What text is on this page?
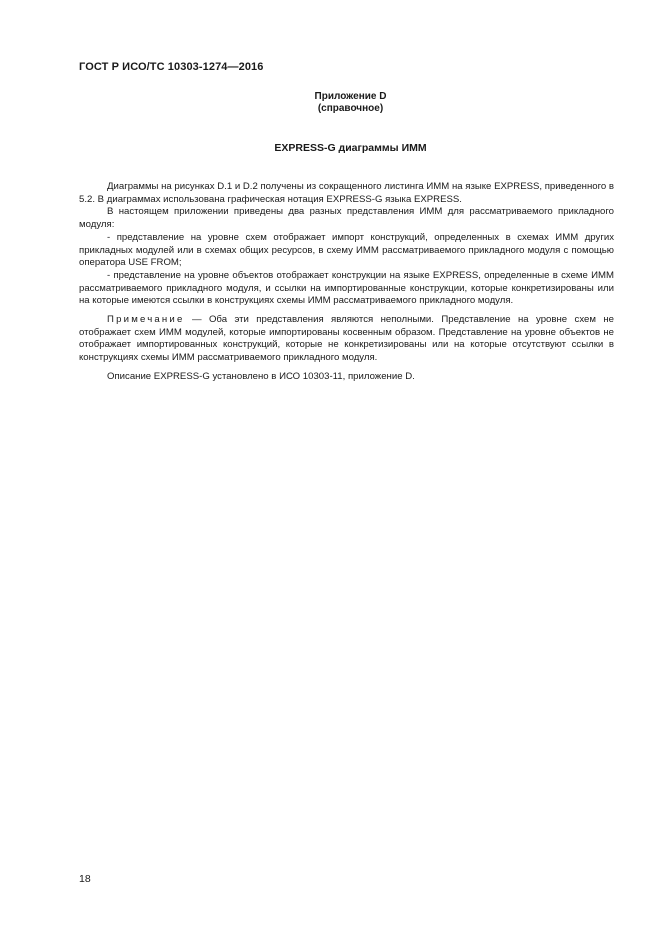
ГОСТ Р ИСО/ТС 10303-1274—2016
Приложение D
(справочное)
EXPRESS-G диаграммы ИММ

Диаграммы на рисунках D.1 и D.2 получены из сокращенного листинга ИММ на языке EXPRESS, приведенного в 5.2. В диаграммах использована графическая нотация EXPRESS-G языка EXPRESS.

В настоящем приложении приведены два разных представления ИММ для рассматриваемого прикладного модуля:

- представление на уровне схем отображает импорт конструкций, определенных в схемах ИММ других прикладных модулей или в схемах общих ресурсов, в схему ИММ рассматриваемого прикладного модуля с помощью оператора USE FROM;

- представление на уровне объектов отображает конструкции на языке EXPRESS, определенные в схеме ИММ рассматриваемого прикладного модуля, и ссылки на импортированные конструкции, которые конкретизированы или на которые имеются ссылки в конструкциях схемы ИММ рассматриваемого прикладного модуля.

Примечание — Оба эти представления являются неполными. Представление на уровне схем не отображает схем ИММ модулей, которые импортированы косвенным образом. Представление на уровне объектов не отображает импортированных конструкций, которые не конкретизированы или на которые отсутствуют ссылки в конструкциях схемы ИММ рассматриваемого прикладного модуля.

Описание EXPRESS-G установлено в ИСО 10303-11, приложение D.

18
